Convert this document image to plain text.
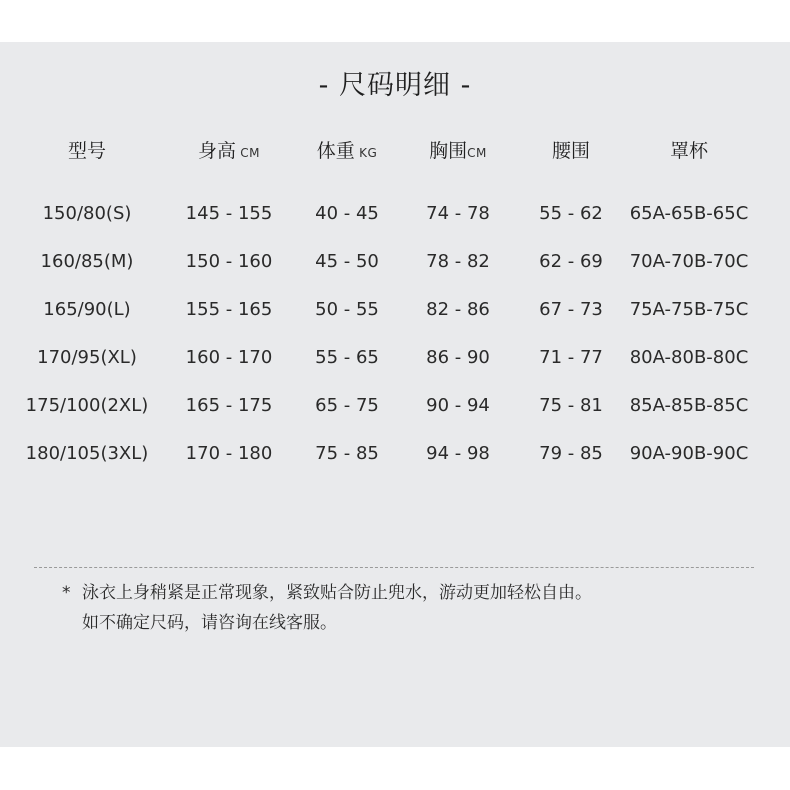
- 尺码明细 -
型号	身高 CM	体重 KG	胸围CM	腰围	罩杯

150/80(S)	145 - 155	40 - 45	74 - 78	55 - 62	65A-65B-65C
160/85(M)	150 - 160	45 - 50	78 - 82	62 - 69	70A-70B-70C
165/90(L)	155 - 165	50 - 55	82 - 86	67 - 73	75A-75B-75C
170/95(XL)	160 - 170	55 - 65	86 - 90	71 - 77	80A-80B-80C
175/100(2XL)	165 - 175	65 - 75	90 - 94	75 - 81	85A-85B-85C
180/105(3XL)	170 - 180	75 - 85	94 - 98	79 - 85	90A-90B-90C
* 泳衣上身稍紧是正常现象，紧致贴合防止兜水，游动更加轻松自由。
如不确定尺码，请咨询在线客服。
